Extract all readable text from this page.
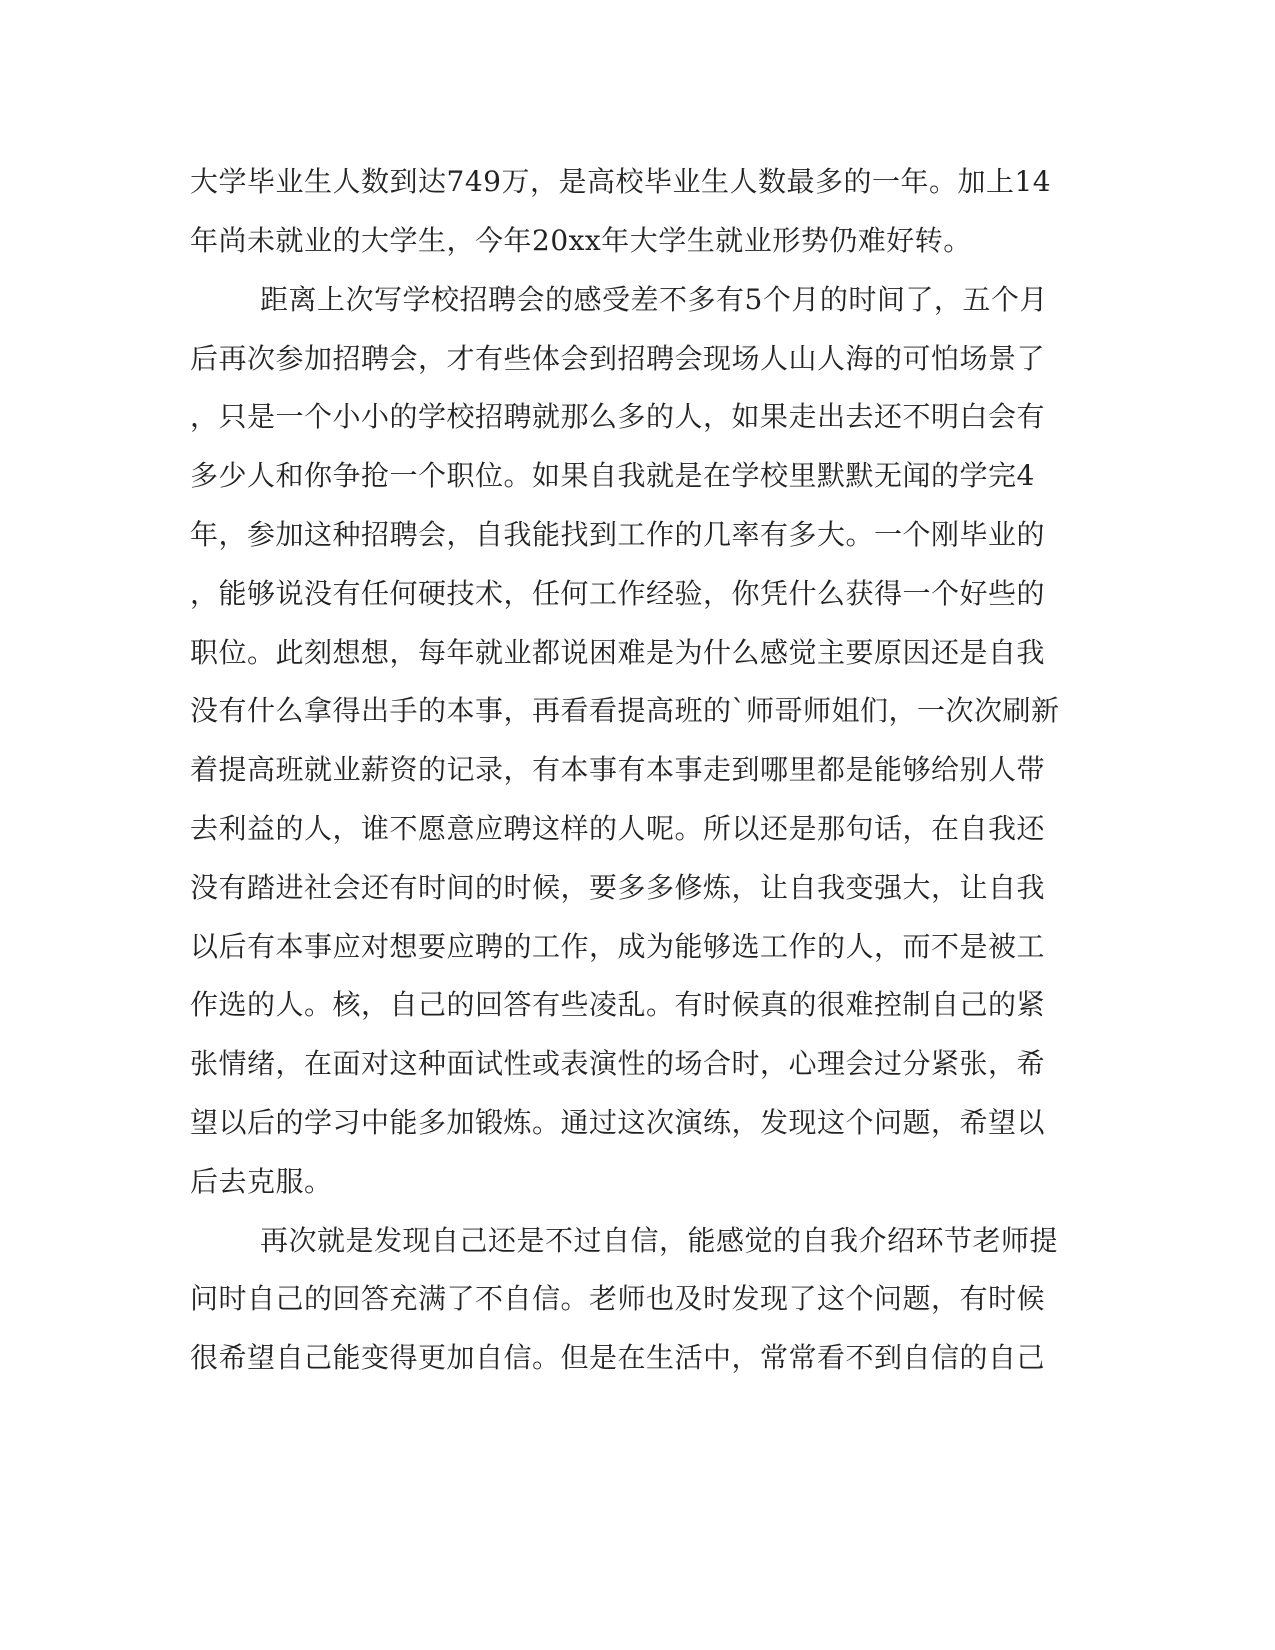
大学毕业生人数到达749万，是高校毕业生人数最多的一年。加上14
年尚未就业的大学生，今年20xx年大学生就业形势仍难好转。
距离上次写学校招聘会的感受差不多有5个月的时间了，五个月
后再次参加招聘会，才有些体会到招聘会现场人山人海的可怕场景了
，只是一个小小的学校招聘就那么多的人，如果走出去还不明白会有
多少人和你争抢一个职位。如果自我就是在学校里默默无闻的学完4
年，参加这种招聘会，自我能找到工作的几率有多大。一个刚毕业的
，能够说没有任何硬技术，任何工作经验，你凭什么获得一个好些的
职位。此刻想想，每年就业都说困难是为什么感觉主要原因还是自我
没有什么拿得出手的本事，再看看提高班的`师哥师姐们，一次次刷新
着提高班就业薪资的记录，有本事有本事走到哪里都是能够给别人带
去利益的人，谁不愿意应聘这样的人呢。所以还是那句话，在自我还
没有踏进社会还有时间的时候，要多多修炼，让自我变强大，让自我
以后有本事应对想要应聘的工作，成为能够选工作的人，而不是被工
作选的人。核，自己的回答有些凌乱。有时候真的很难控制自己的紧
张情绪，在面对这种面试性或表演性的场合时，心理会过分紧张，希
望以后的学习中能多加锻炼。通过这次演练，发现这个问题，希望以
后去克服。
再次就是发现自己还是不过自信，能感觉的自我介绍环节老师提
问时自己的回答充满了不自信。老师也及时发现了这个问题，有时候
很希望自己能变得更加自信。但是在生活中，常常看不到自信的自己
